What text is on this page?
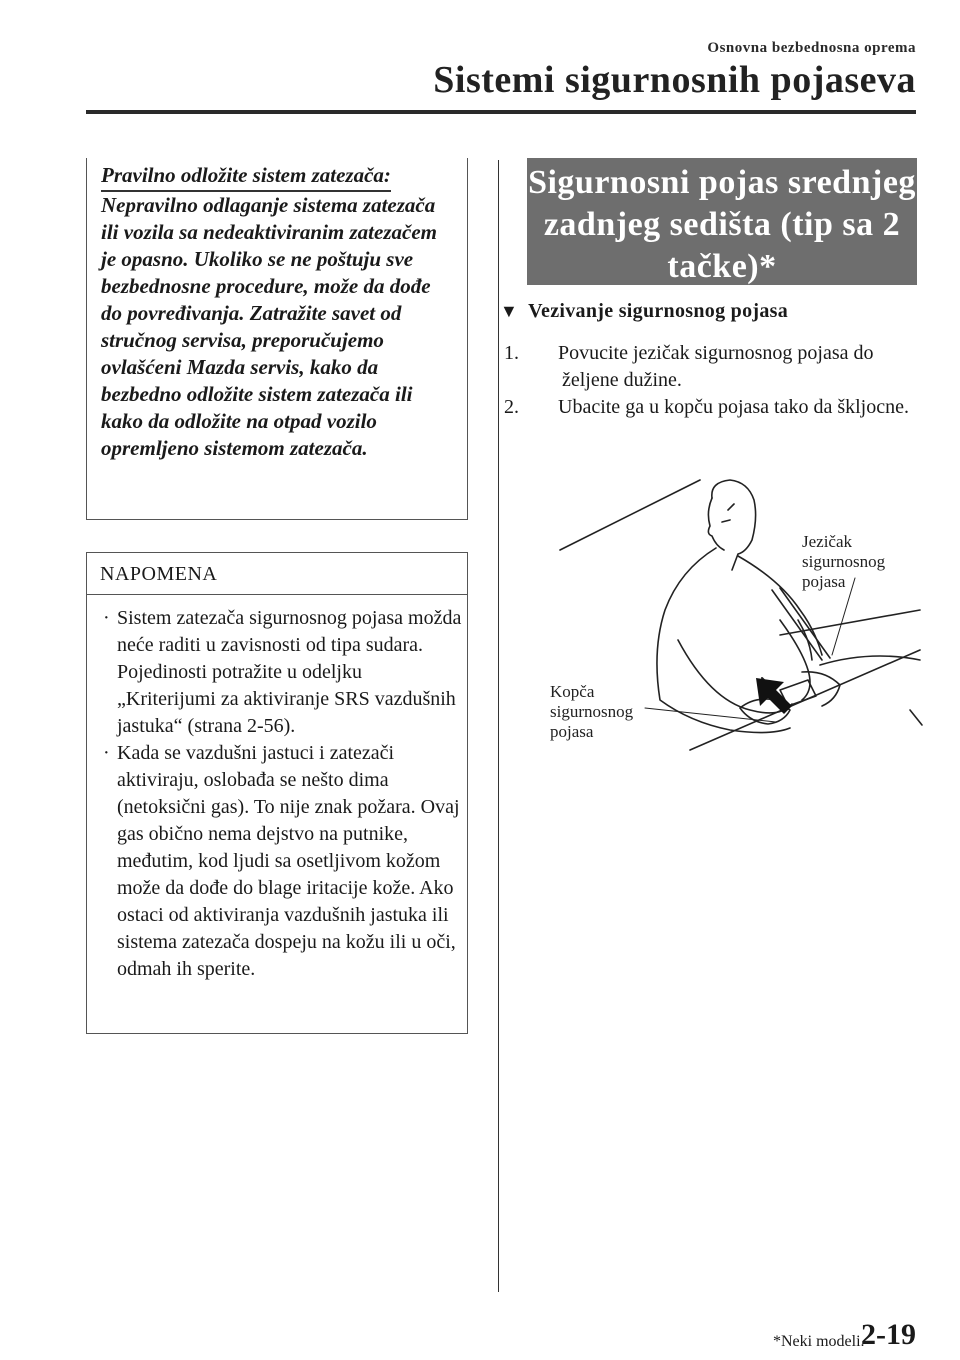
Osnovna bezbednosna oprema
Sistemi sigurnosnih pojaseva
Pravilno odložite sistem zatezača:
Nepravilno odlaganje sistema zatezača ili vozila sa nedeaktiviranim zatezačem je opasno. Ukoliko se ne poštuju sve bezbednosne procedure, može da dođe do povređivanja. Zatražite savet od stručnog servisa, preporučujemo ovlašćeni Mazda servis, kako da bezbedno odložite sistem zatezača ili kako da odložite na otpad vozilo opremljeno sistemom zatezača.
NAPOMENA
· Sistem zatezača sigurnosnog pojasa možda neće raditi u zavisnosti od tipa sudara. Pojedinosti potražite u odeljku „Kriterijumi za aktiviranje SRS vazdušnih jastuka“ (strana 2-56).
· Kada se vazdušni jastuci i zatezači aktiviraju, oslobađa se nešto dima (netoksični gas). To nije znak požara. Ovaj gas obično nema dejstvo na putnike, međutim, kod ljudi sa osetljivom kožom može da dođe do blage iritacije kože. Ako ostaci od aktiviranja vazdušnih jastuka ili sistema zatezača dospeju na kožu ili u oči, odmah ih sperite.
Sigurnosni pojas srednjeg
zadnjeg sedišta (tip sa 2
tačke)*
▼ Vezivanje sigurnosnog pojasa
1. Povucite jezičak sigurnosnog pojasa do željene dužine.
2. Ubacite ga u kopču pojasa tako da škljocne.
Jezičak
sigurnosnog
pojasa
Kopča
sigurnosnog
pojasa
*Neki modeli.
2-19
